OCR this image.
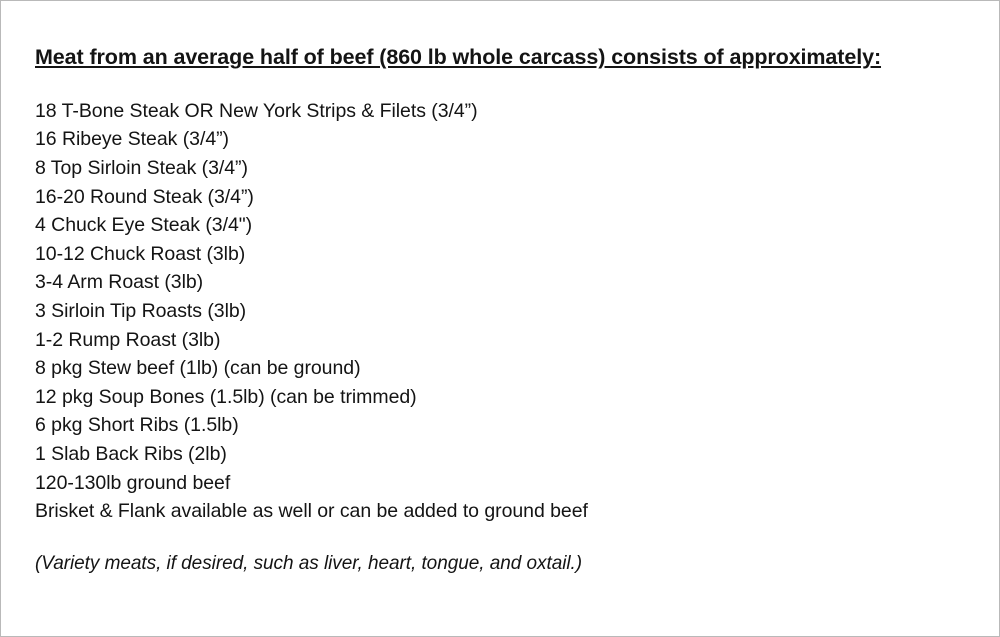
Meat from an average half of beef (860 lb whole carcass) consists of approximately:
18 T-Bone Steak OR New York Strips & Filets (3/4”)
16 Ribeye Steak (3/4”)
8 Top Sirloin Steak (3/4”)
16-20 Round Steak (3/4”)
4 Chuck Eye Steak (3/4")
10-12 Chuck Roast (3lb)
3-4 Arm Roast (3lb)
3 Sirloin Tip Roasts (3lb)
1-2 Rump Roast (3lb)
8 pkg Stew beef (1lb) (can be ground)
12 pkg Soup Bones (1.5lb) (can be trimmed)
6 pkg Short Ribs (1.5lb)
1 Slab Back Ribs (2lb)
120-130lb ground beef
Brisket & Flank available as well or can be added to ground beef

(Variety meats, if desired, such as liver, heart, tongue, and oxtail.)
